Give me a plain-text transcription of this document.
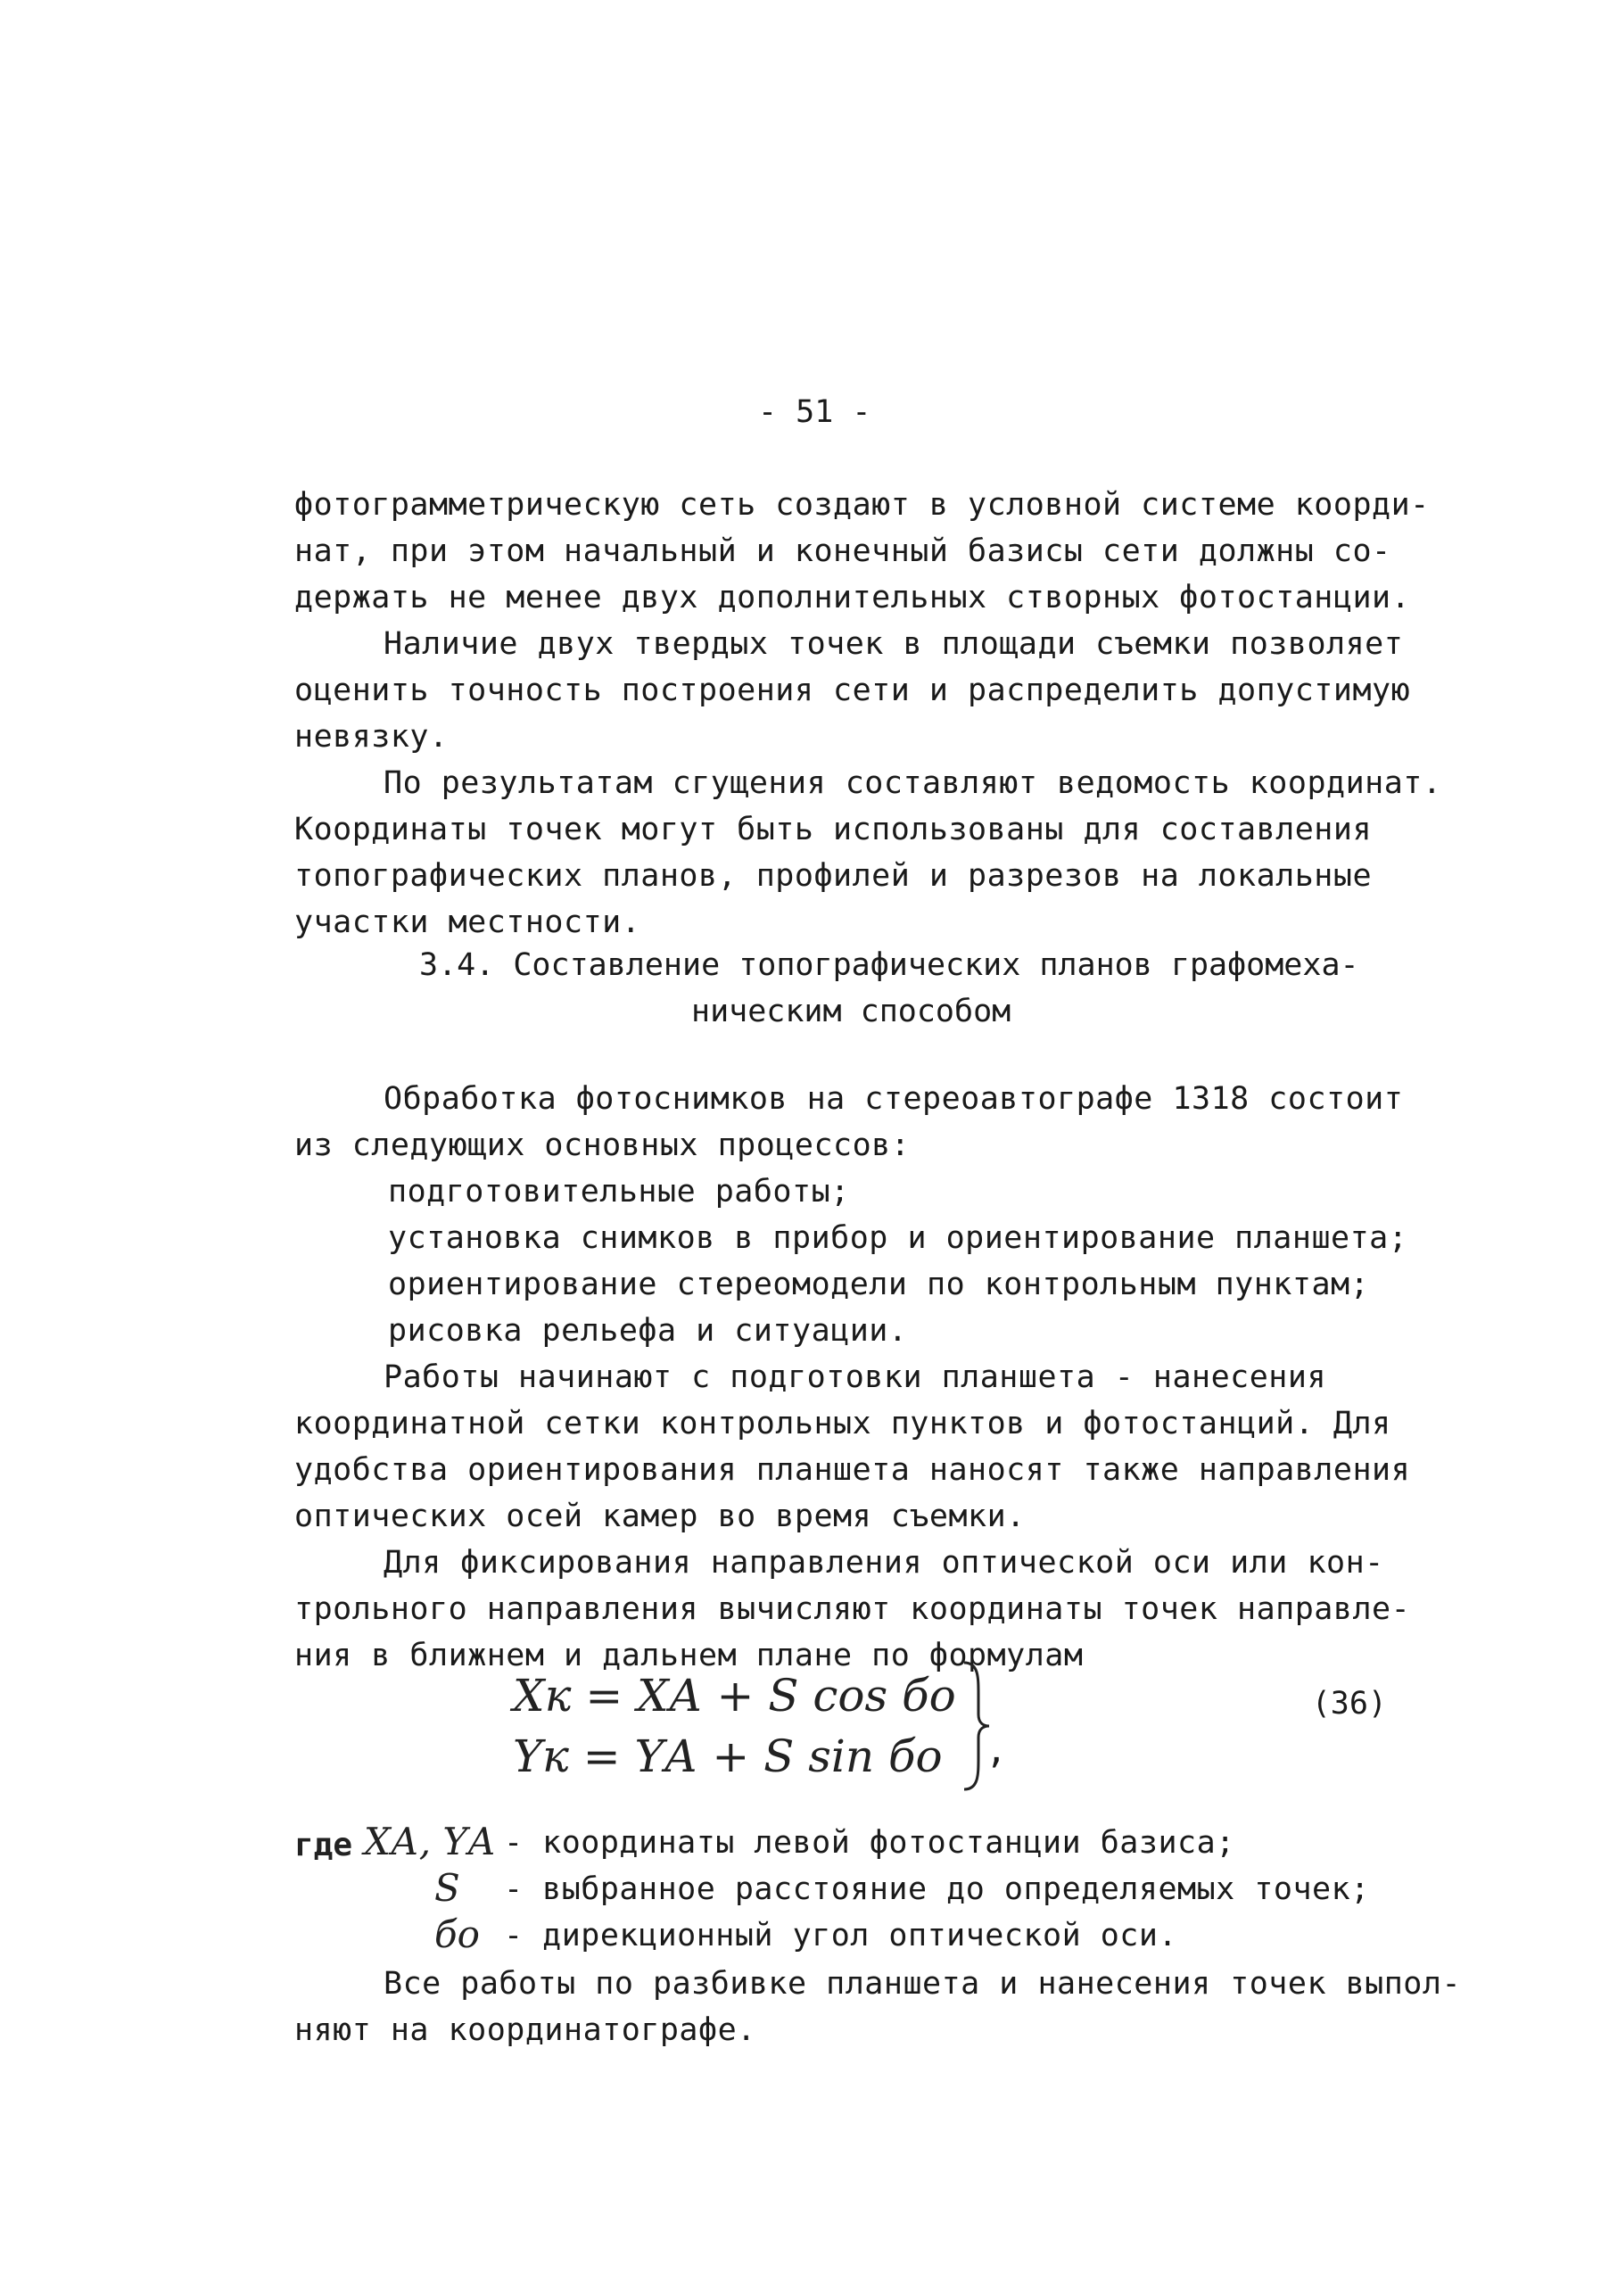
- 51 -
фотограмметрическую сеть создают в условной системе коорди-
нат, при этом начальный и конечный базисы сети должны со-
держать не менее двух дополнительных створных фотостанции.
Наличие двух твердых точек в площади съемки позволяет
оценить точность построения сети и распределить допустимую
невязку.
По результатам сгущения составляют ведомость координат.
Координаты точек могут быть использованы для составления
топографических планов, профилей и разрезов на локальные
участки местности.
3.4. Составление топографических планов графомеха-
ническим способом
Обработка фотоснимков на стереоавтографе 1318 состоит
из следующих основных процессов:
подготовительные работы;
установка снимков в прибор и ориентирование планшета;
ориентирование стереомодели по контрольным пунктам;
рисовка рельефа и ситуации.
Работы начинают с подготовки планшета - нанесения
координатной сетки контрольных пунктов и фотостанций. Для
удобства ориентирования планшета наносят также направления
оптических осей камер во время съемки.
Для фиксирования направления оптической оси или кон-
трольного направления вычисляют координаты точек направле-
ния в ближнем и дальнем плане по формулам
Xк = XА + S cos бо
Yк = YА + S sin бо ,
(36)
где XА, YА - координаты левой фотостанции базиса;
S - выбранное расстояние до определяемых точек;
бо - дирекционный угол оптической оси.
Все работы по разбивке планшета и нанесения точек выпол-
няют на координатографе.
